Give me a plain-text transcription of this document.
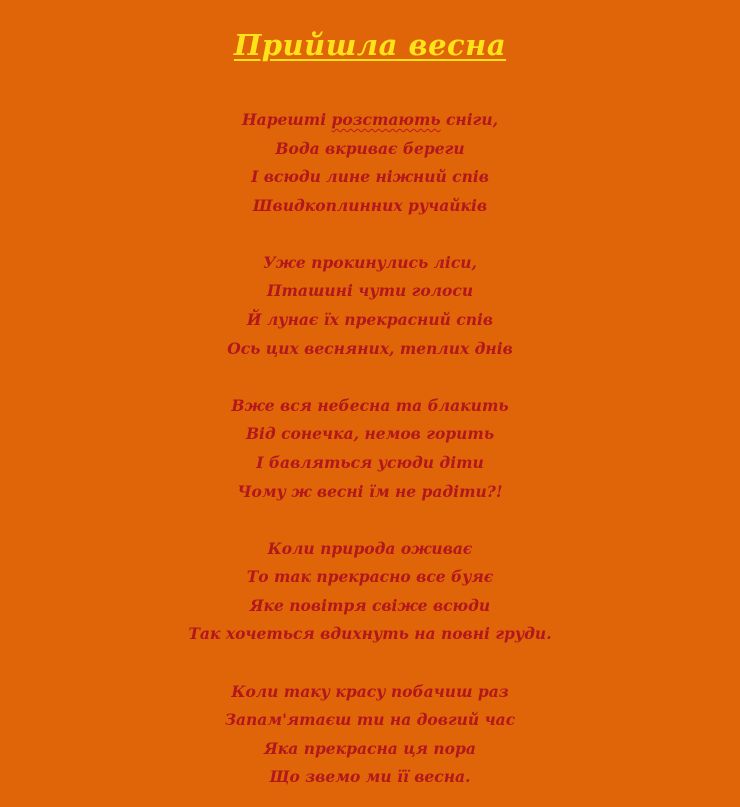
Прийшла весна
Нарешті розстають сніги,
Вода вкриває береги
І всюди лине ніжний спів
Швидкоплинних ручайків
Уже прокинулись ліси,
Пташині чути голоси
Й лунає їх прекрасний спів
Ось цих весняних, теплих днів
Вже вся небесна та блакить
Від сонечка, немов горить
І бавляться усюди діти
Чому ж весні їм не радіти?!
Коли природа оживає
То так прекрасно все буяє
Яке повітря свіже всюди
Так хочеться вдихнуть на повні груди.
Коли таку красу побачиш раз
Запам'ятаєш ти на довгий час
Яка прекрасна ця пора
Що звемо ми її весна.
